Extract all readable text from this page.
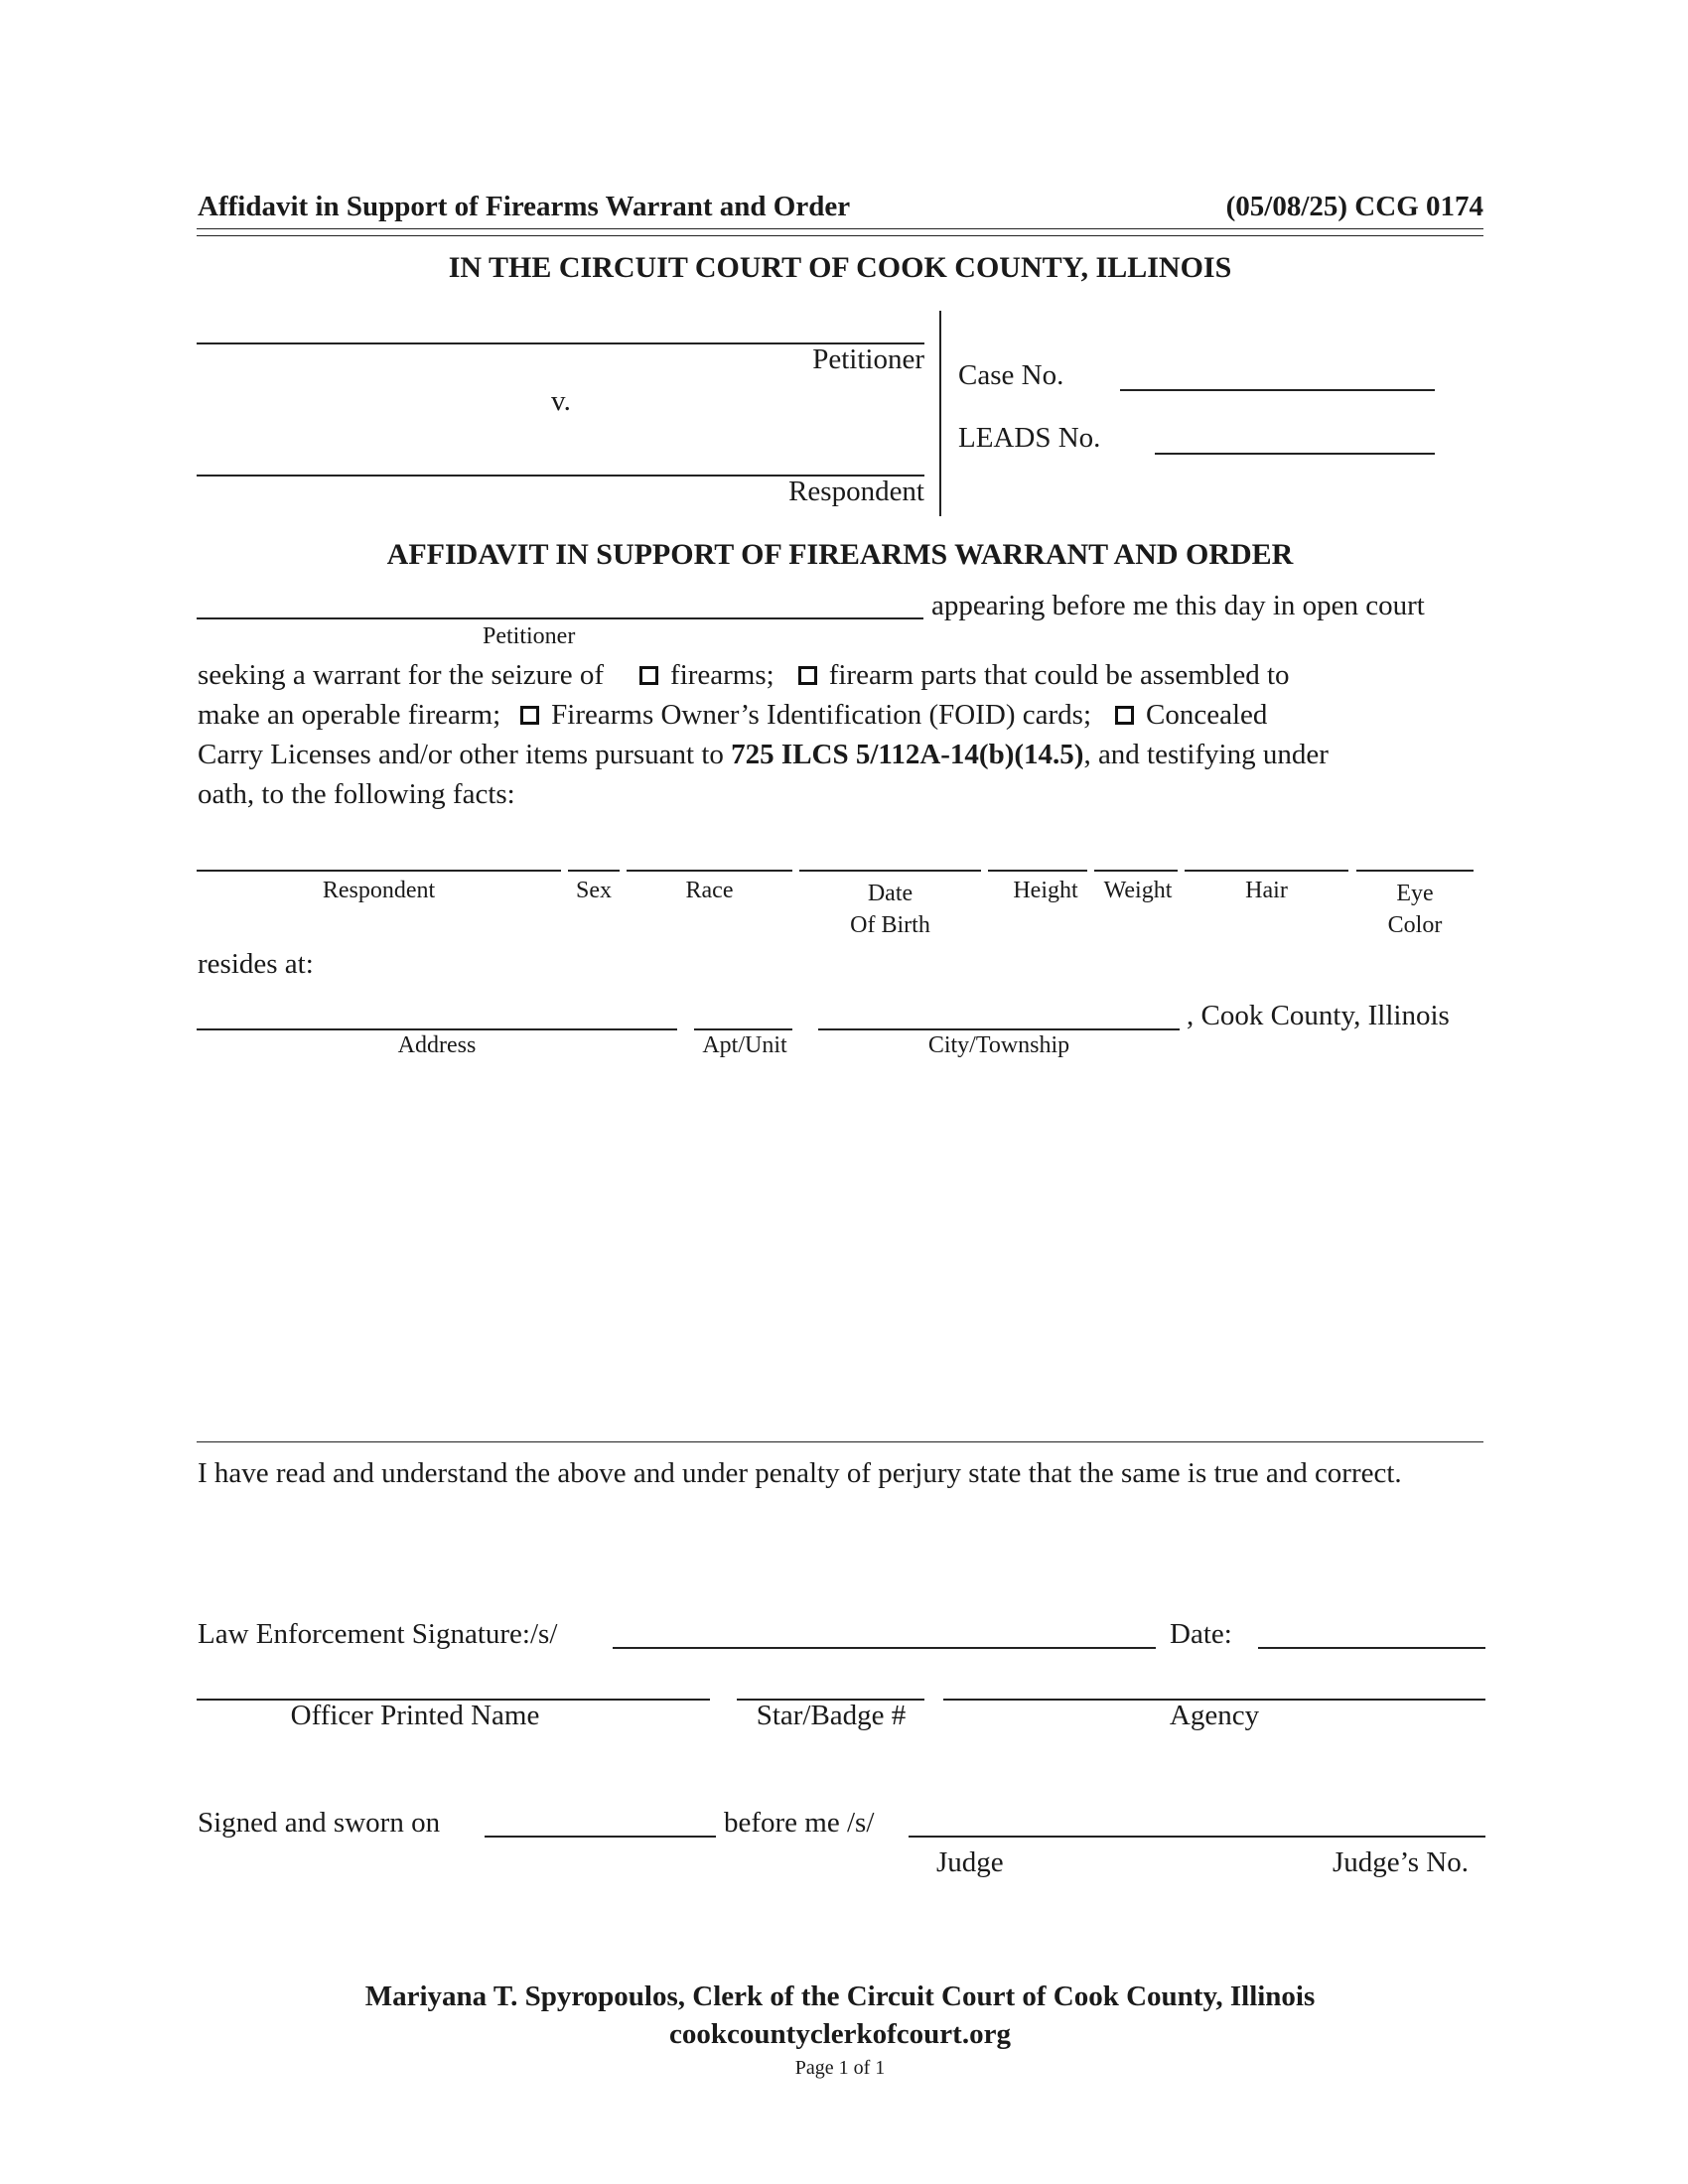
Affidavit in Support of Firearms Warrant and Order	(05/08/25) CCG 0174
IN THE CIRCUIT COURT OF COOK COUNTY, ILLINOIS
Petitioner
v.
Respondent
Case No.
LEADS No.
AFFIDAVIT IN SUPPORT OF FIREARMS WARRANT AND ORDER
appearing before me this day in open court
Petitioner
seeking a warrant for the seizure of firearms; firearm parts that could be assembled to
make an operable firearm; Firearms Owner’s Identification (FOID) cards; Concealed
Carry Licenses and/or other items pursuant to 725 ILCS 5/112A-14(b)(14.5), and testifying under
oath, to the following facts:
Respondent	Sex	Race	Date
Of Birth
Height	Weight	Hair	Eye
Color
resides at:
, Cook County, Illinois
Address	Apt/Unit	City/Township
I have read and understand the above and under penalty of perjury state that the same is true and correct.
Law Enforcement Signature:/s/	Date:
Officer Printed Name	Star/Badge #	Agency
Signed and sworn on	before me /s/
Judge	Judge’s No.
Mariyana T. Spyropoulos, Clerk of the Circuit Court of Cook County, Illinois
cookcountyclerkofcourt.org
Page 1 of 1
